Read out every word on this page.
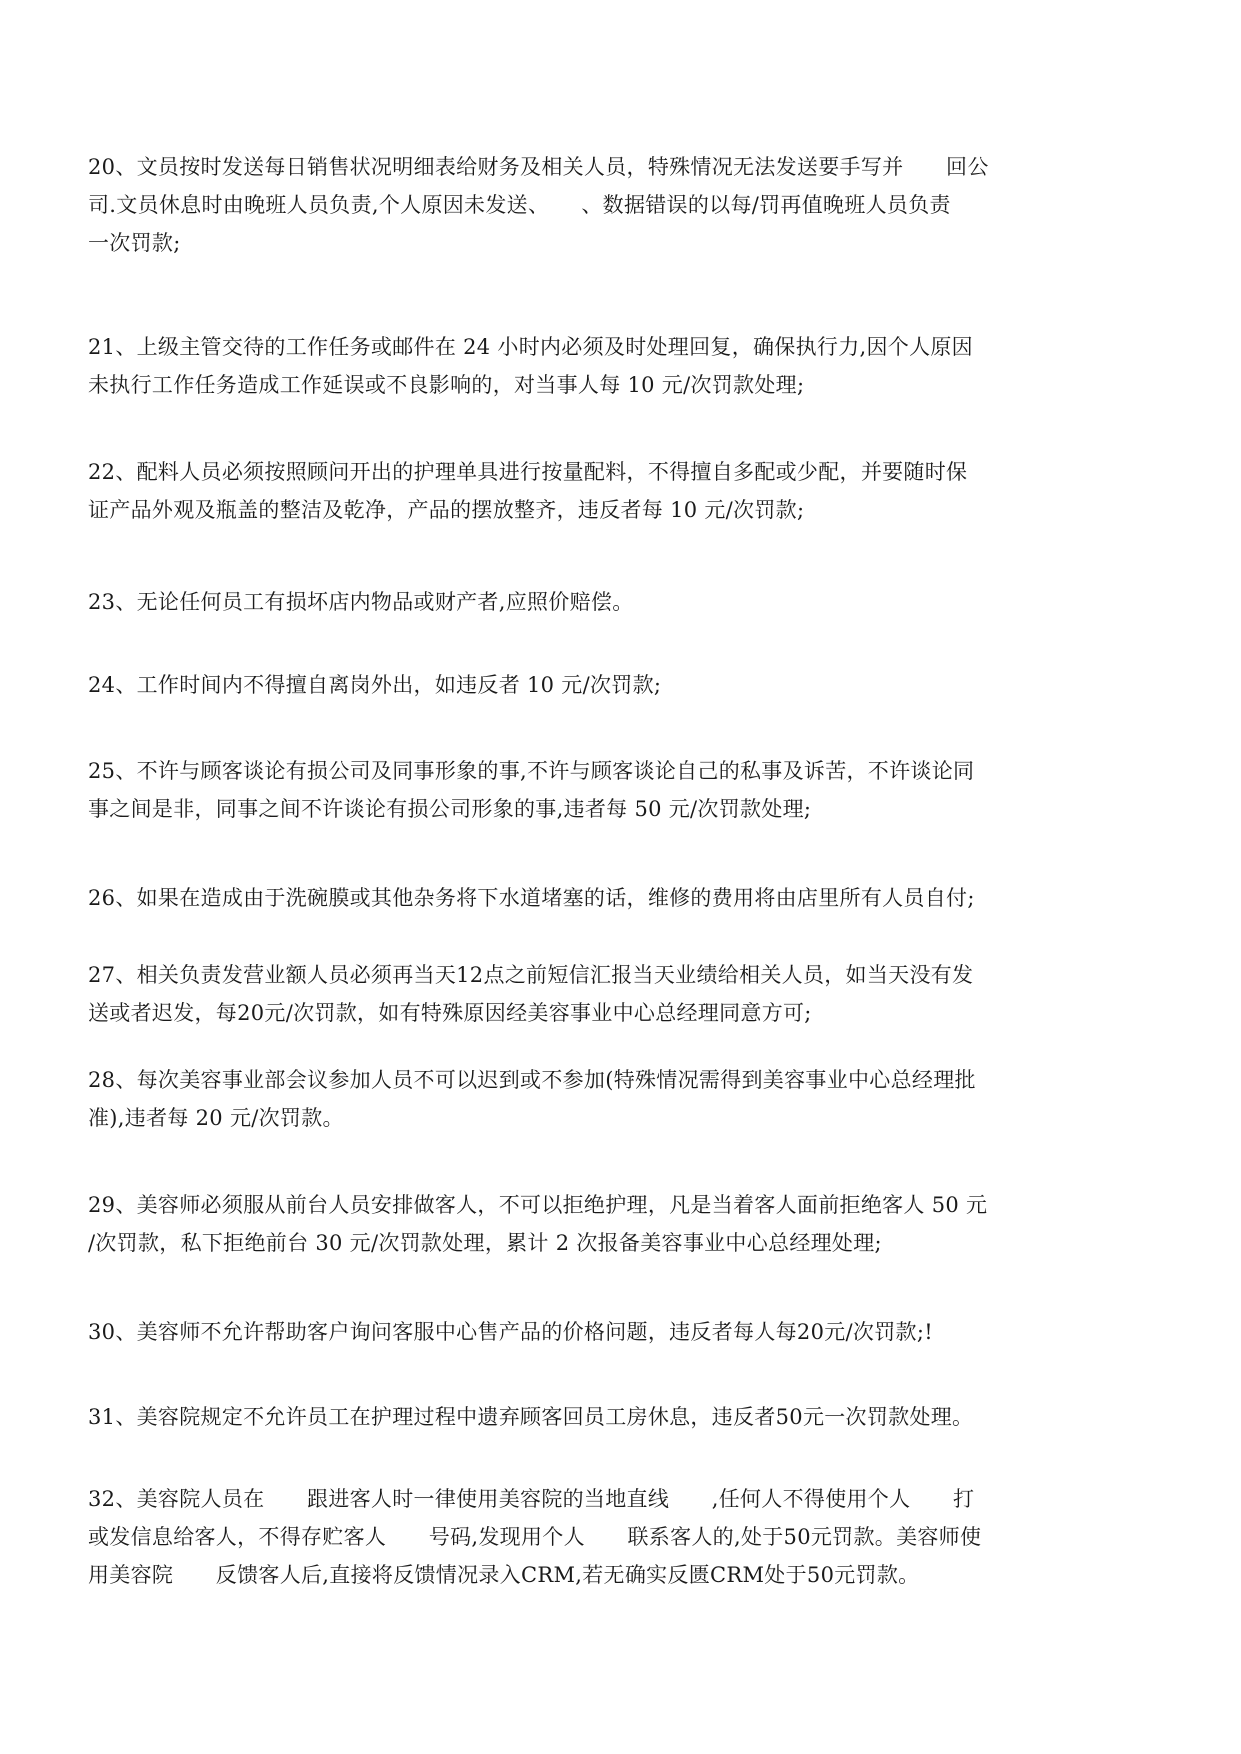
20、文员按时发送每日销售状况明细表给财务及相关人员，特殊情况无法发送要手写并　　回公
司.文员休息时由晚班人员负责,个人原因未发送、　　、数据错误的以每/罚再值晚班人员负责
一次罚款;
21、上级主管交待的工作任务或邮件在 24 小时内必须及时处理回复，确保执行力,因个人原因
未执行工作任务造成工作延误或不良影响的，对当事人每 10 元/次罚款处理;
22、配料人员必须按照顾问开出的护理单具进行按量配料，不得擅自多配或少配，并要随时保
证产品外观及瓶盖的整洁及乾净，产品的摆放整齐，违反者每 10 元/次罚款;
23、无论任何员工有损坏店内物品或财产者,应照价赔偿。
24、工作时间内不得擅自离岗外出，如违反者 10 元/次罚款;
25、不许与顾客谈论有损公司及同事形象的事,不许与顾客谈论自己的私事及诉苦，不许谈论同
事之间是非，同事之间不许谈论有损公司形象的事,违者每 50 元/次罚款处理;
26、如果在造成由于洗碗膜或其他杂务将下水道堵塞的话，维修的费用将由店里所有人员自付;
27、相关负责发营业额人员必须再当天12点之前短信汇报当天业绩给相关人员，如当天没有发
送或者迟发，每20元/次罚款，如有特殊原因经美容事业中心总经理同意方可;
28、每次美容事业部会议参加人员不可以迟到或不参加(特殊情况需得到美容事业中心总经理批
准),违者每 20 元/次罚款。
29、美容师必须服从前台人员安排做客人，不可以拒绝护理，凡是当着客人面前拒绝客人 50 元
/次罚款，私下拒绝前台 30 元/次罚款处理，累计 2 次报备美容事业中心总经理处理;
30、美容师不允许帮助客户询问客服中心售产品的价格问题，违反者每人每20元/次罚款;!
31、美容院规定不允许员工在护理过程中遗弃顾客回员工房休息，违反者50元一次罚款处理。
32、美容院人员在　　跟进客人时一律使用美容院的当地直线　　,任何人不得使用个人　　打
或发信息给客人，不得存贮客人　　号码,发现用个人　　联系客人的,处于50元罚款。美容师使
用美容院　　反馈客人后,直接将反馈情况录入CRM,若无确实反匮CRM处于50元罚款。
